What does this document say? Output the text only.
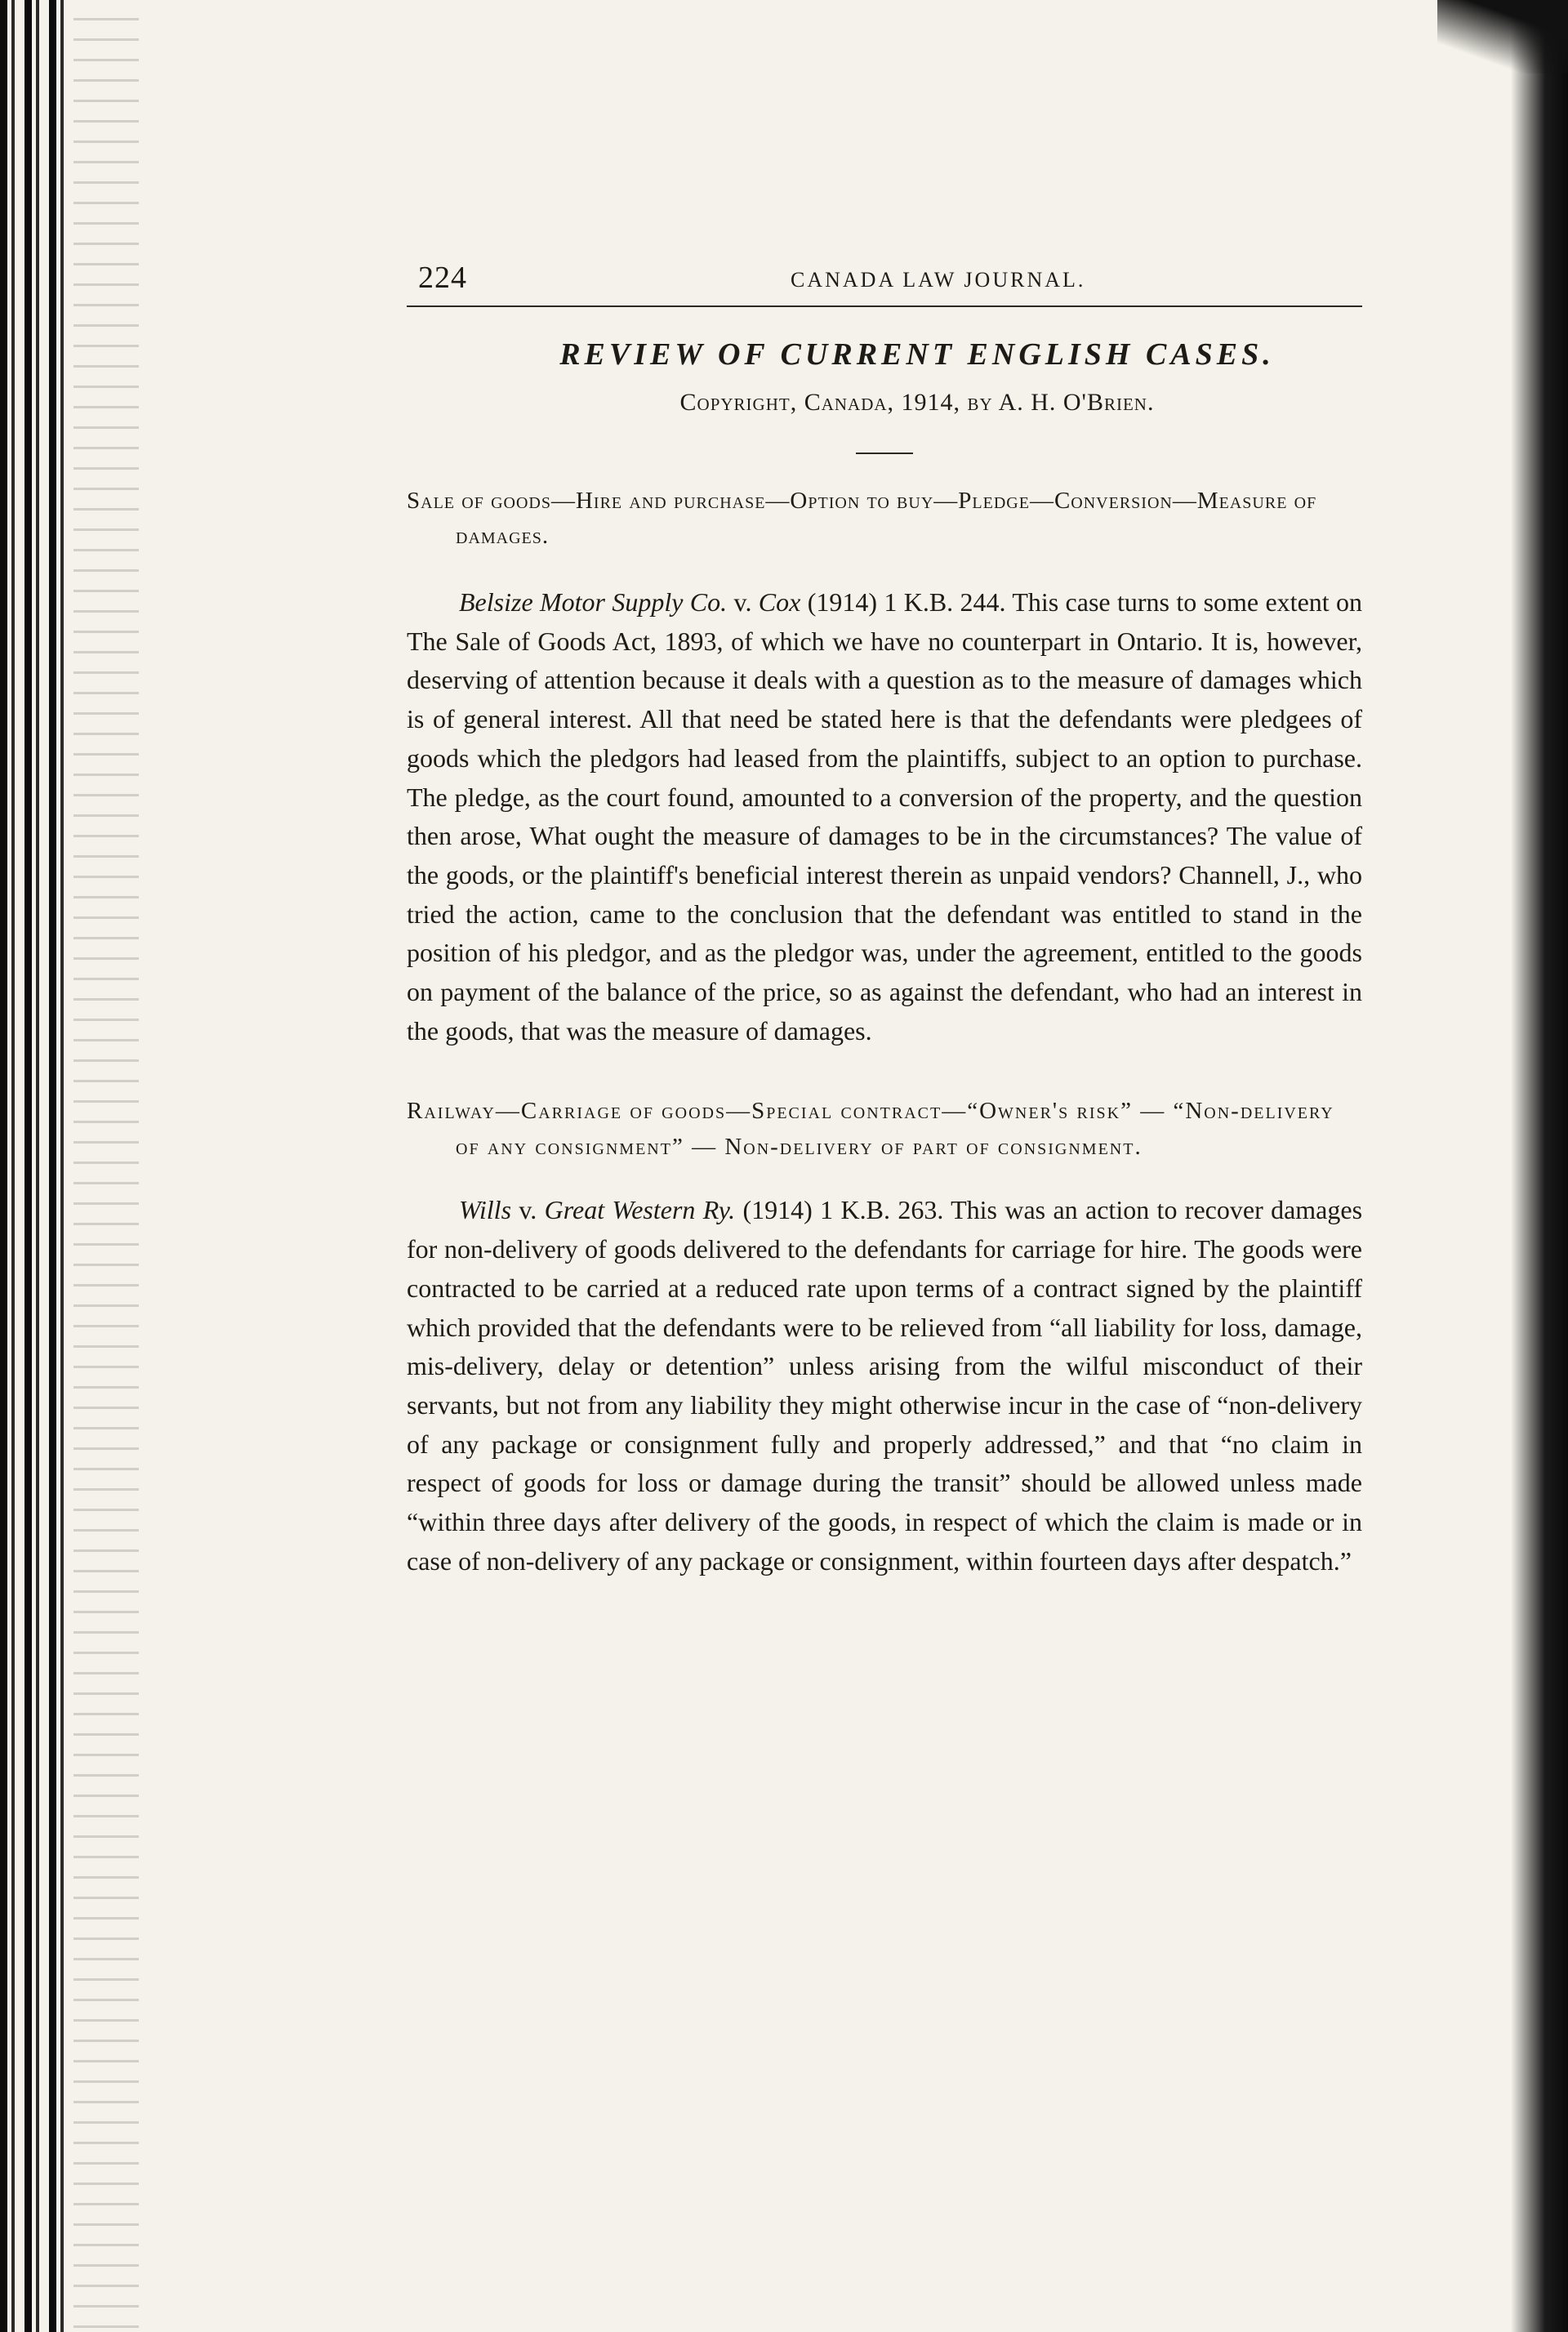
224	CANADA LAW JOURNAL.
REVIEW OF CURRENT ENGLISH CASES.
Copyright, Canada, 1914, by A. H. O'Brien.

Sale of goods—Hire and purchase—Option to buy—Pledge—Conversion—Measure of damages.

Belsize Motor Supply Co. v. Cox (1914) 1 K.B. 244. This case turns to some extent on The Sale of Goods Act, 1893, of which we have no counterpart in Ontario. It is, however, deserving of attention because it deals with a question as to the measure of damages which is of general interest. All that need be stated here is that the defendants were pledgees of goods which the pledgors had leased from the plaintiffs, subject to an option to purchase. The pledge, as the court found, amounted to a conversion of the property, and the question then arose, What ought the measure of damages to be in the circumstances? The value of the goods, or the plaintiff's beneficial interest therein as unpaid vendors? Channell, J., who tried the action, came to the conclusion that the defendant was entitled to stand in the position of his pledgor, and as the pledgor was, under the agreement, entitled to the goods on payment of the balance of the price, so as against the defendant, who had an interest in the goods, that was the measure of damages.

Railway—Carriage of goods—Special contract—“Owner's risk” — “Non-delivery of any consignment” — Non-delivery of part of consignment.

Wills v. Great Western Ry. (1914) 1 K.B. 263. This was an action to recover damages for non-delivery of goods delivered to the defendants for carriage for hire. The goods were contracted to be carried at a reduced rate upon terms of a contract signed by the plaintiff which provided that the defendants were to be relieved from “all liability for loss, damage, mis-delivery, delay or detention” unless arising from the wilful misconduct of their servants, but not from any liability they might otherwise incur in the case of “non-delivery of any package or consignment fully and properly addressed,” and that “no claim in respect of goods for loss or damage during the transit” should be allowed unless made “within three days after delivery of the goods, in respect of which the claim is made or in case of non-delivery of any package or consignment, within fourteen days after despatch.”
